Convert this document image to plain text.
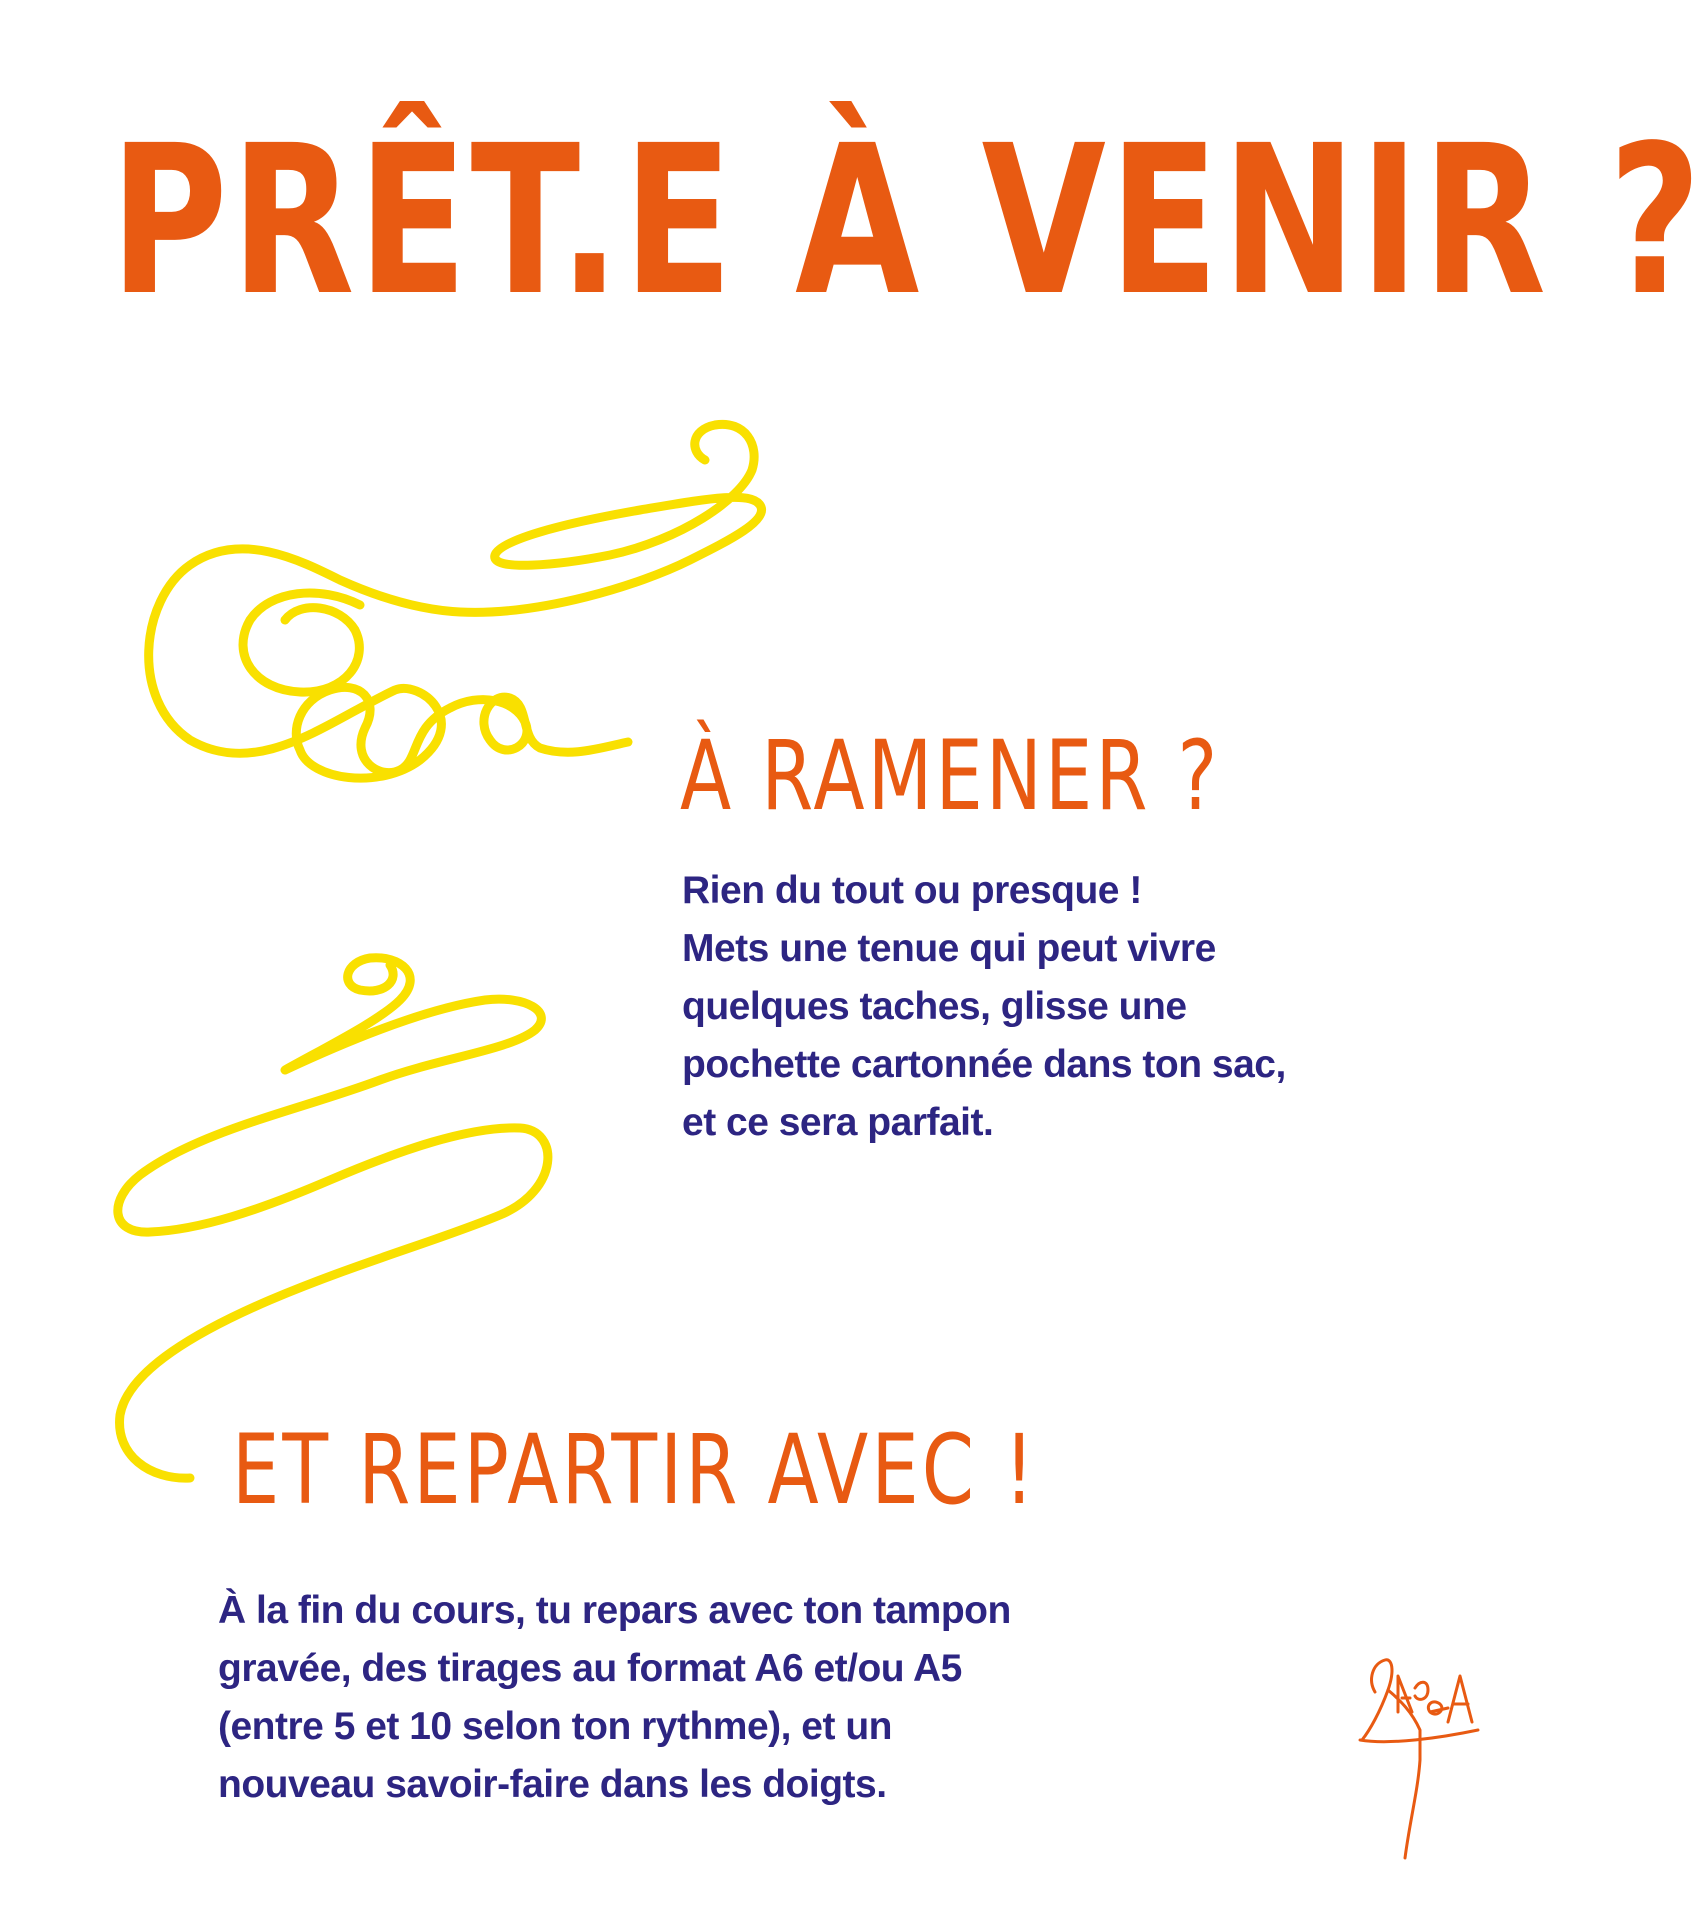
PRÊT.E À VENIR ?
À RAMENER ?

Rien du tout ou presque !
Mets une tenue qui peut vivre
quelques taches, glisse une
pochette cartonnée dans ton sac,
et ce sera parfait.

ET REPARTIR AVEC !

À la fin du cours, tu repars avec ton tampon
gravée, des tirages au format A6 et/ou A5
(entre 5 et 10 selon ton rythme), et un
nouveau savoir-faire dans les doigts.
